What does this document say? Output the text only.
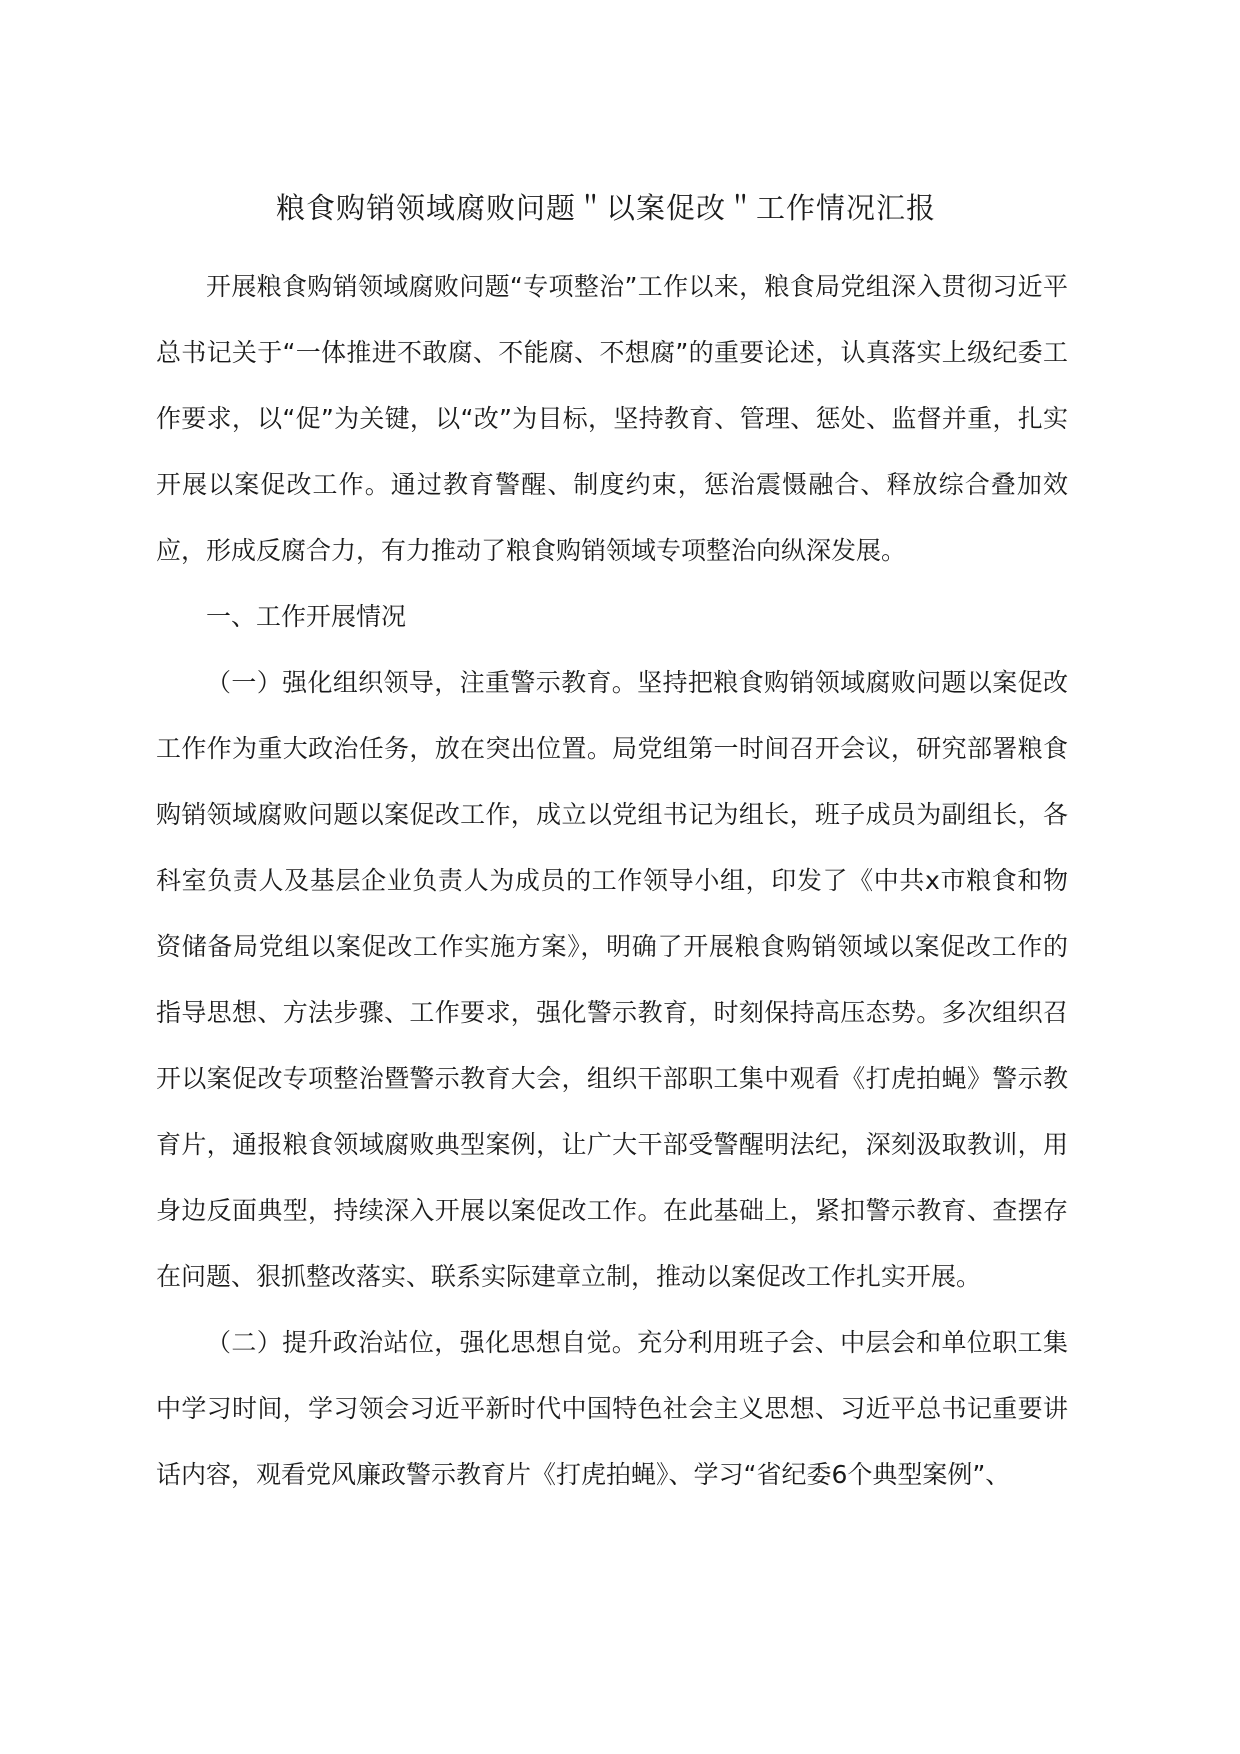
粮食购销领域腐败问题＂以案促改＂工作情况汇报

开展粮食购销领域腐败问题“专项整治”工作以来，粮食局党组深入贯彻习近平总书记关于“一体推进不敢腐、不能腐、不想腐”的重要论述，认真落实上级纪委工作要求，以“促”为关键，以“改”为目标，坚持教育、管理、惩处、监督并重，扎实开展以案促改工作。通过教育警醒、制度约束，惩治震慑融合、释放综合叠加效应，形成反腐合力，有力推动了粮食购销领域专项整治向纵深发展。

一、工作开展情况

（一）强化组织领导，注重警示教育。坚持把粮食购销领域腐败问题以案促改工作作为重大政治任务，放在突出位置。局党组第一时间召开会议，研究部署粮食购销领域腐败问题以案促改工作，成立以党组书记为组长，班子成员为副组长，各科室负责人及基层企业负责人为成员的工作领导小组，印发了《中共x市粮食和物资储备局党组以案促改工作实施方案》，明确了开展粮食购销领域以案促改工作的指导思想、方法步骤、工作要求，强化警示教育，时刻保持高压态势。多次组织召开以案促改专项整治暨警示教育大会，组织干部职工集中观看《打虎拍蝇》警示教育片，通报粮食领域腐败典型案例，让广大干部受警醒明法纪，深刻汲取教训，用身边反面典型，持续深入开展以案促改工作。在此基础上，紧扣警示教育、查摆存在问题、狠抓整改落实、联系实际建章立制，推动以案促改工作扎实开展。

（二）提升政治站位，强化思想自觉。充分利用班子会、中层会和单位职工集中学习时间，学习领会习近平新时代中国特色社会主义思想、习近平总书记重要讲话内容，观看党风廉政警示教育片《打虎拍蝇》、学习“省纪委6个典型案例”、
